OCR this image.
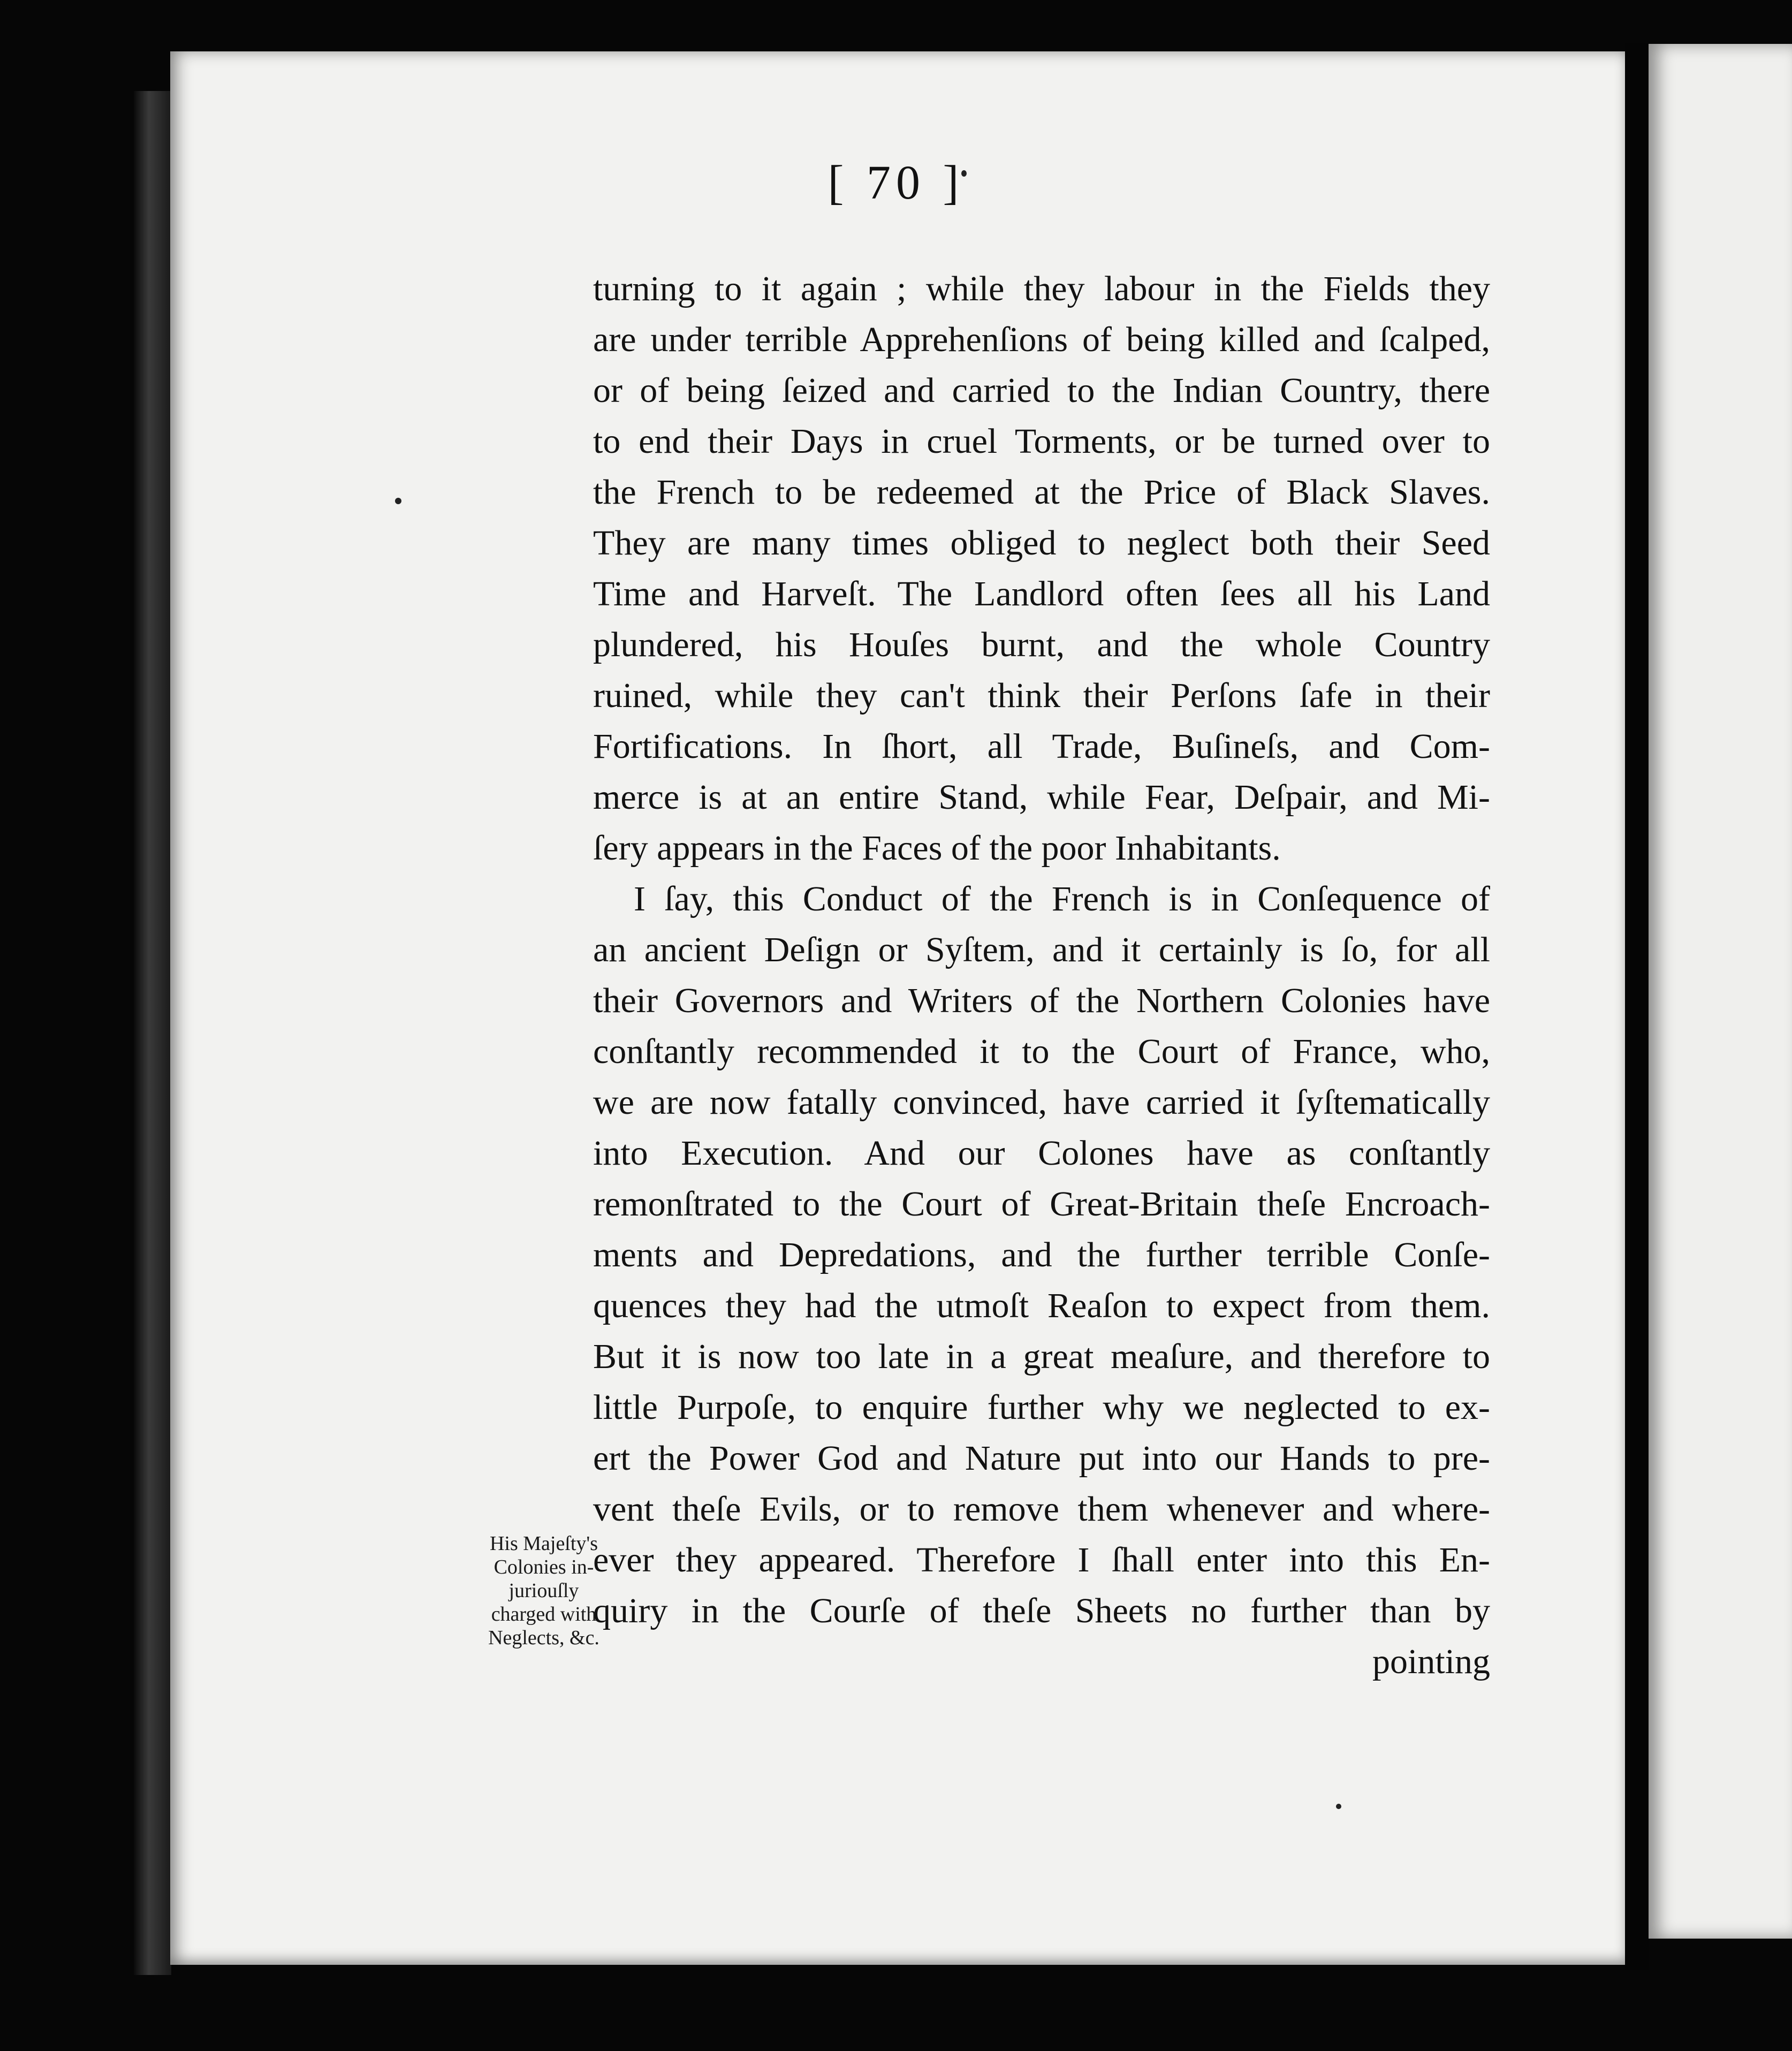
[ 70 ]
turning to it again ; while they labour in the Fields they
are under terrible Apprehenſions of being killed and ſcalped,
or of being ſeized and carried to the Indian Country, there
to end their Days in cruel Torments, or be turned over to
the French to be redeemed at the Price of Black Slaves.
They are many times obliged to neglect both their Seed
Time and Harveſt. The Landlord often ſees all his Land
plundered, his Houſes burnt, and the whole Country
ruined, while they can't think their Perſons ſafe in their
Fortifications. In ſhort, all Trade, Buſineſs, and Com-
merce is at an entire Stand, while Fear, Deſpair, and Mi-
ſery appears in the Faces of the poor Inhabitants.
I ſay, this Conduct of the French is in Conſequence of
an ancient Deſign or Syſtem, and it certainly is ſo, for all
their Governors and Writers of the Northern Colonies have
conſtantly recommended it to the Court of France, who,
we are now fatally convinced, have carried it ſyſtematically
into Execution. And our Colones have as conſtantly
remonſtrated to the Court of Great-Britain theſe Encroach-
ments and Depredations, and the further terrible Conſe-
quences they had the utmoſt Reaſon to expect from them.
But it is now too late in a great meaſure, and therefore to
little Purpoſe, to enquire further why we neglected to ex-
ert the Power God and Nature put into our Hands to pre-
vent theſe Evils, or to remove them whenever and where-
ever they appeared. Therefore I ſhall enter into this En-
quiry in the Courſe of theſe Sheets no further than by
pointing
His Majeſty's
Colonies in-
juriouſly
charged with
Neglects, &c.
